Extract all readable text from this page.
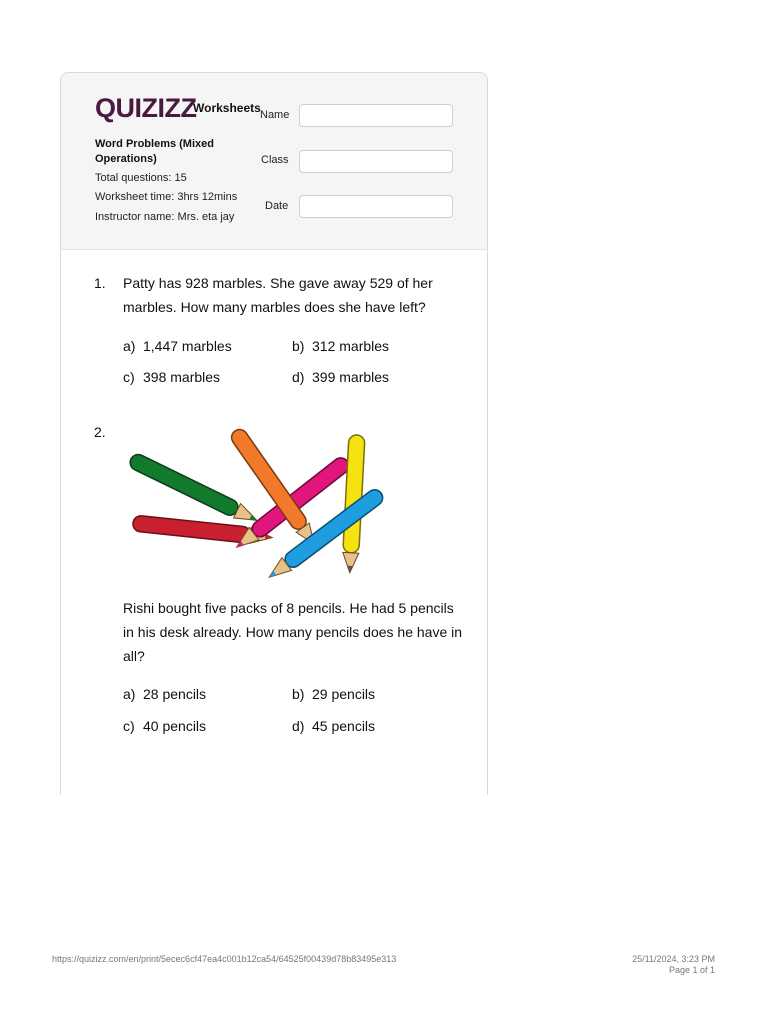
QUIZIZZ
Worksheets
Word Problems (Mixed Operations)
Total questions: 15
Worksheet time: 3hrs 12mins
Instructor name: Mrs. eta jay
Name
Class
Date
1. Patty has 928 marbles. She gave away 529 of her marbles. How many marbles does she have left?
a) 1,447 marbles	b) 312 marbles
c) 398 marbles	d) 399 marbles
2.
Rishi bought five packs of 8 pencils. He had 5 pencils in his desk already. How many pencils does he have in all?
a) 28 pencils	b) 29 pencils
c) 40 pencils	d) 45 pencils
https://quizizz.com/en/print/5ecec6cf47ea4c001b12ca54/64525f00439d78b83495e313	25/11/2024, 3:23 PM
Page 1 of 1
